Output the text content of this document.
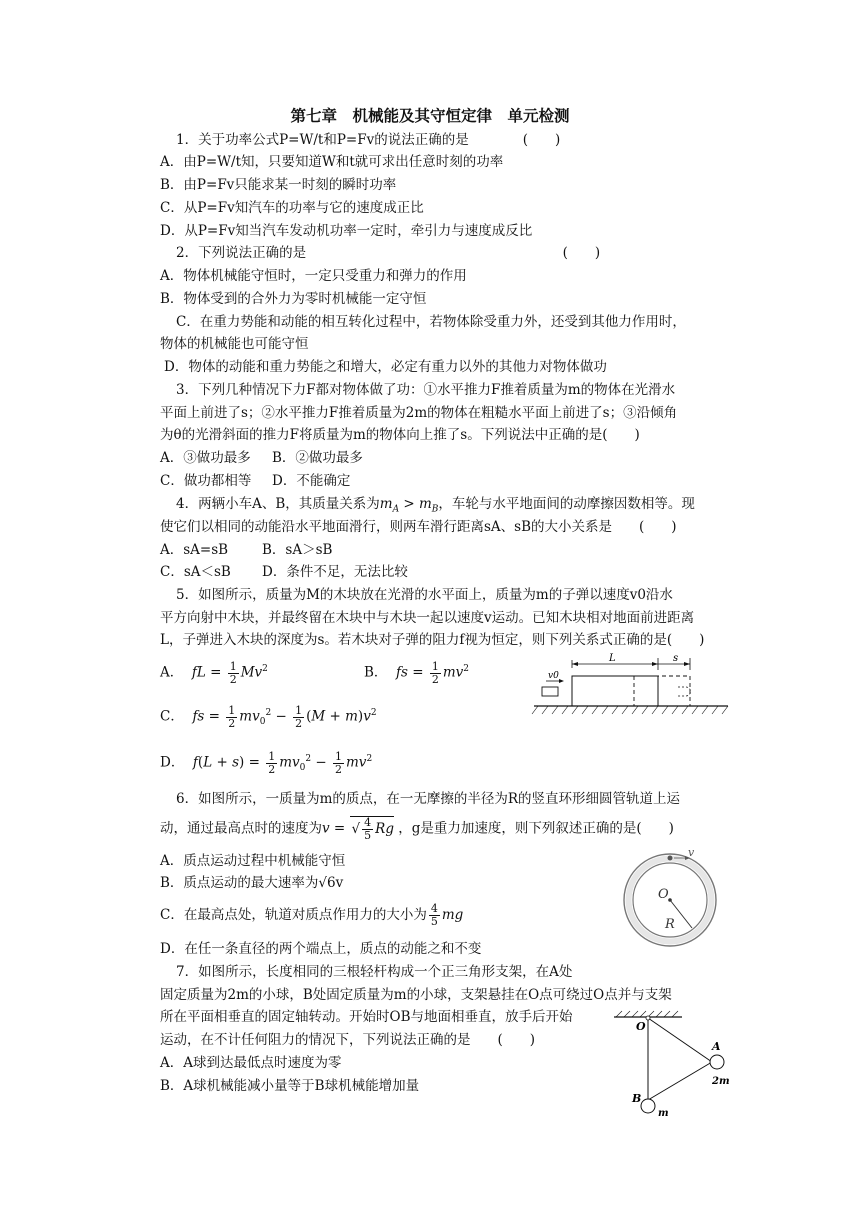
第七章　机械能及其守恒定律　单元检测
1．关于功率公式P=W/t和P=Fv的说法正确的是　　　　(　　)
A．由P=W/t知，只要知道W和t就可求出任意时刻的功率
B．由P=Fv只能求某一时刻的瞬时功率
C．从P=Fv知汽车的功率与它的速度成正比
D．从P=Fv知当汽车发动机功率一定时，牵引力与速度成反比
2．下列说法正确的是　　　　　　　　　　　　　　　　　　　(　　)
A．物体机械能守恒时，一定只受重力和弹力的作用
B．物体受到的合外力为零时机械能一定守恒
C．在重力势能和动能的相互转化过程中，若物体除受重力外，还受到其他力作用时，
物体的机械能也可能守恒
D．物体的动能和重力势能之和增大，必定有重力以外的其他力对物体做功
3．下列几种情况下力F都对物体做了功：①水平推力F推着质量为m的物体在光滑水
平面上前进了s；②水平推力F推着质量为2m的物体在粗糙水平面上前进了s；③沿倾角
为θ的光滑斜面的推力F将质量为m的物体向上推了s。下列说法中正确的是(　　)
A．③做功最多 B．②做功最多
C．做功都相等 D．不能确定
4．两辆小车A、B，其质量关系为$m_A > m_B$，车轮与水平地面间的动摩擦因数相等。现
使它们以相同的动能沿水平地面滑行，则两车滑行距离sA、sB的大小关系是　　(　　)
A．sA=sB	B．sA＞sB
C．sA＜sB D．条件不足，无法比较
5．如图所示，质量为M的木块放在光滑的水平面上，质量为m的子弹以速度v0沿水
平方向射中木块，并最终留在木块中与木块一起以速度v运动。已知木块相对地面前进距离
L，子弹进入木块的深度为s。若木块对子弹的阻力f视为恒定，则下列关系式正确的是(　　)
A． fL = $\frac{1}{2} Mv^2$	B． fs = $\frac{1}{2} mv^2$
C． fs = $\frac{1}{2} mv_0^2 - \frac{1}{2} (M + m)v^2$
D． $f(L + s) = \frac{1}{2} mv_0^2 - \frac{1}{2} mv^2$
L	s
v0
6．如图所示，一质量为m的质点，在一无摩擦的半径为R的竖直环形细圆管轨道上运
动，通过最高点时的速度为v = √ $\frac{4}{5}$ Rg ，g是重力加速度，则下列叙述正确的是(　　)
A．质点运动过程中机械能守恒
B．质点运动的最大速率为√6v
C．在最高点处，轨道对质点作用力的大小为 $\frac{4}{5}$ mg
D．在任一条直径的两个端点上，质点的动能之和不变
v
O
R
7．如图所示，长度相同的三根轻杆构成一个正三角形支架，在A处
固定质量为2m的小球，B处固定质量为m的小球，支架悬挂在O点可绕过O点并与支架
所在平面相垂直的固定轴转动。开始时OB与地面相垂直，放手后开始
运动，在不计任何阻力的情况下，下列说法正确的是　　(　　)
A．A球到达最低点时速度为零
B．A球机械能减小量等于B球机械能增加量
O
A
2m
B
m
